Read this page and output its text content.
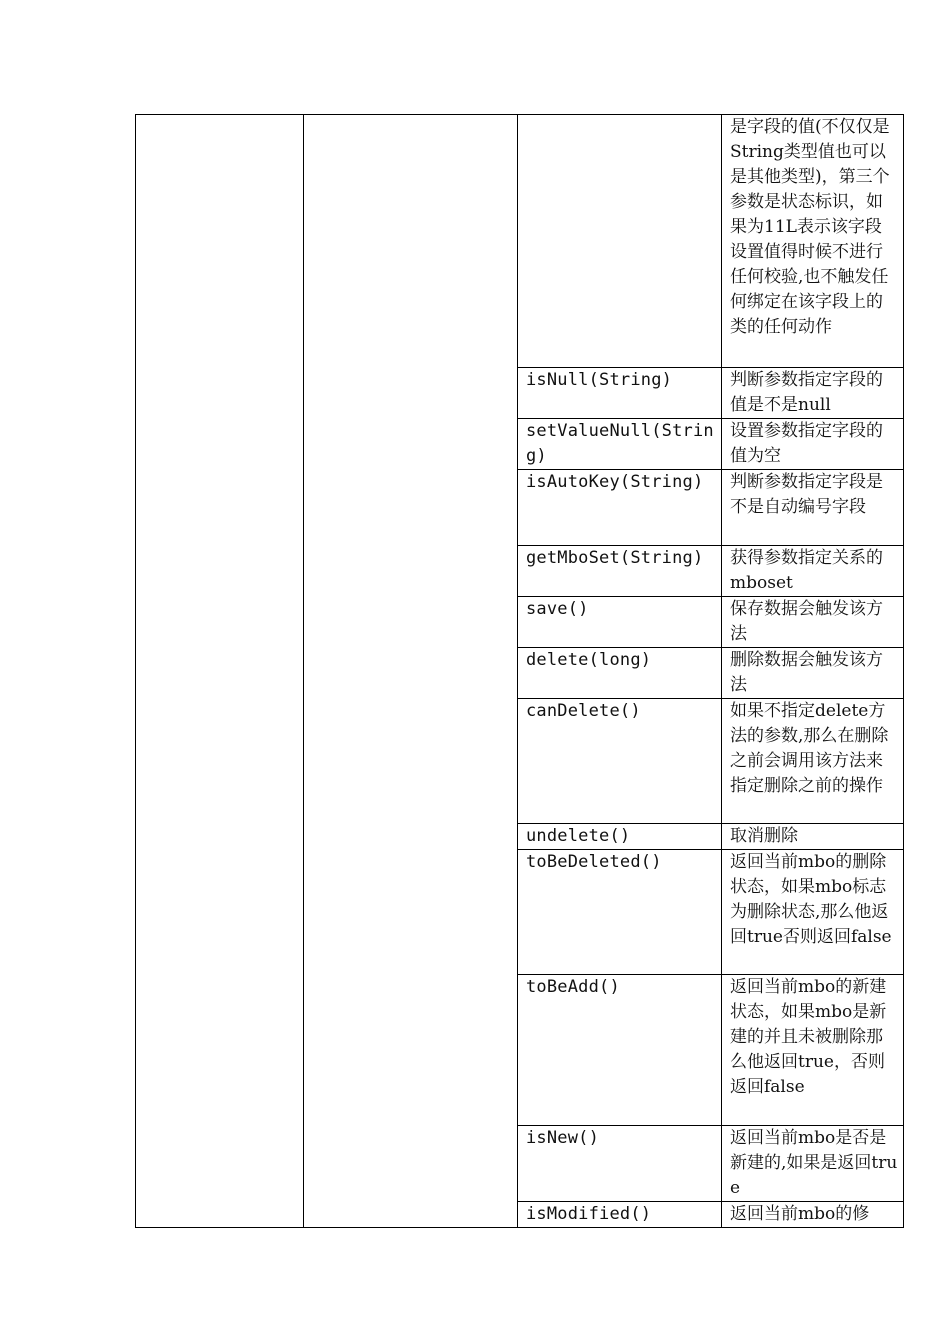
			是字段的值(不仅仅是String类型值也可以是其他类型)，第三个参数是状态标识，如果为11L表示该字段设置值得时候不进行任何校验,也不触发任何绑定在该字段上的类的任何动作
		isNull(String)	判断参数指定字段的值是不是null
		setValueNull(String)	设置参数指定字段的值为空
		isAutoKey(String)	判断参数指定字段是不是自动编号字段
		getMboSet(String)	获得参数指定关系的mboset
		save()	保存数据会触发该方法
		delete(long)	删除数据会触发该方法
		canDelete()	如果不指定delete方法的参数,那么在删除之前会调用该方法来指定删除之前的操作
		undelete()	取消删除
		toBeDeleted()	返回当前mbo的删除状态，如果mbo标志为删除状态,那么他返回true否则返回false
		toBeAdd()	返回当前mbo的新建状态，如果mbo是新建的并且未被删除那么他返回true，否则返回false
		isNew()	返回当前mbo是否是新建的,如果是返回true
		isModified()	返回当前mbo的修
